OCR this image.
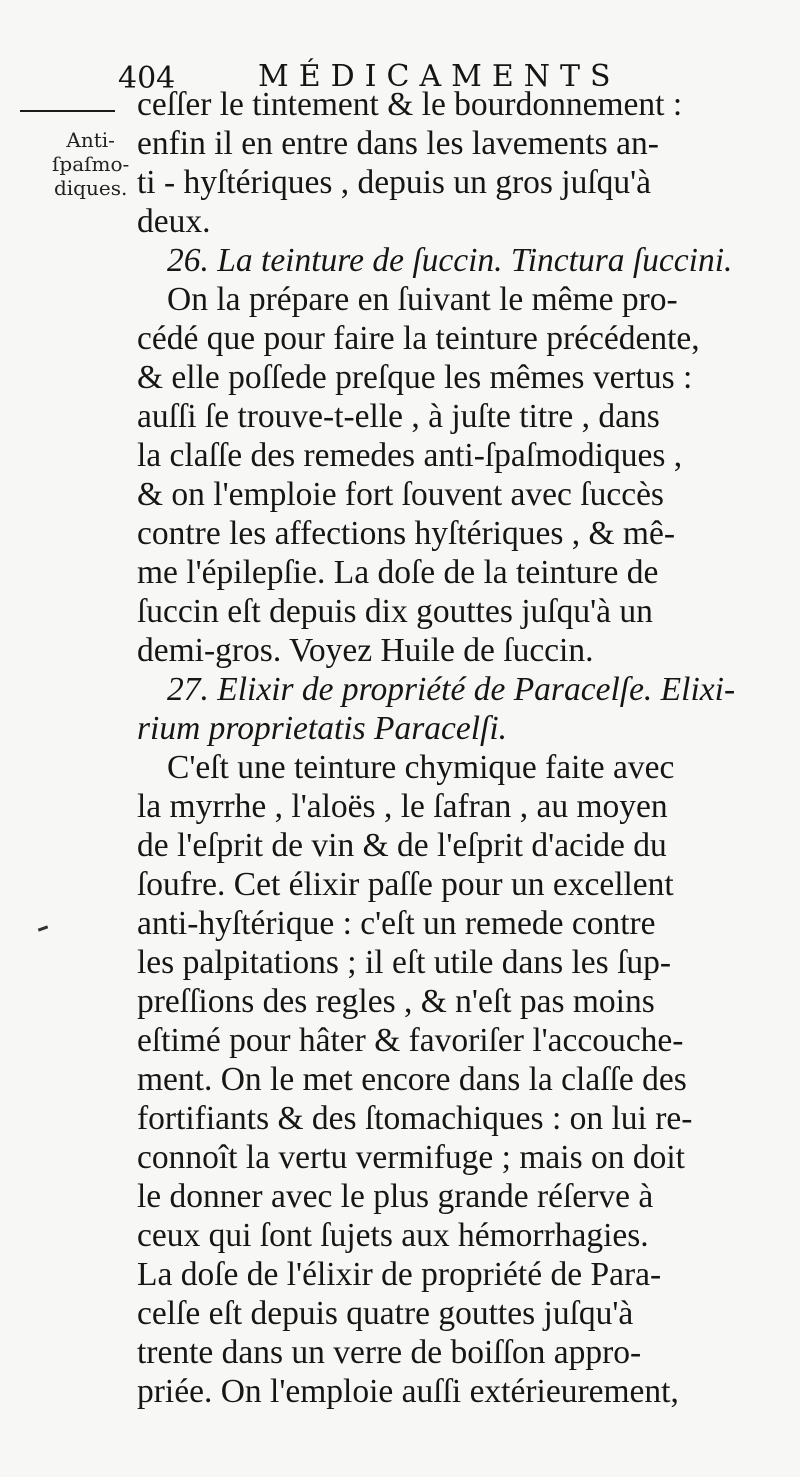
404	MÉDICAMENTS
Anti-
ſpaſmo-
diques.
ceſſer le tintement & le bourdonnement :
enfin il en entre dans les lavements an-
ti - hyſtériques , depuis un gros juſqu'à
deux.
26. La teinture de ſuccin. Tinctura ſuccini.
On la prépare en ſuivant le même pro-
cédé que pour faire la teinture précédente,
& elle poſſede preſque les mêmes vertus :
auſſi ſe trouve-t-elle , à juſte titre , dans
la claſſe des remedes anti-ſpaſmodiques ,
& on l'emploie fort ſouvent avec ſuccès
contre les affections hyſtériques , & mê-
me l'épilepſie. La doſe de la teinture de
ſuccin eſt depuis dix gouttes juſqu'à un
demi-gros. Voyez Huile de ſuccin.
27. Elixir de propriété de Paracelſe. Elixi-
rium proprietatis Paracelſi.
C'eſt une teinture chymique faite avec
la myrrhe , l'aloës , le ſafran , au moyen
de l'eſprit de vin & de l'eſprit d'acide du
ſoufre. Cet élixir paſſe pour un excellent
anti-hyſtérique : c'eſt un remede contre
les palpitations ; il eſt utile dans les ſup-
preſſions des regles , & n'eſt pas moins
eſtimé pour hâter & favoriſer l'accouche-
ment. On le met encore dans la claſſe des
fortifiants & des ſtomachiques : on lui re-
connoît la vertu vermifuge ; mais on doit
le donner avec le plus grande réſerve à
ceux qui ſont ſujets aux hémorrhagies.
La doſe de l'élixir de propriété de Para-
celſe eſt depuis quatre gouttes juſqu'à
trente dans un verre de boiſſon appro-
priée. On l'emploie auſſi extérieurement,
